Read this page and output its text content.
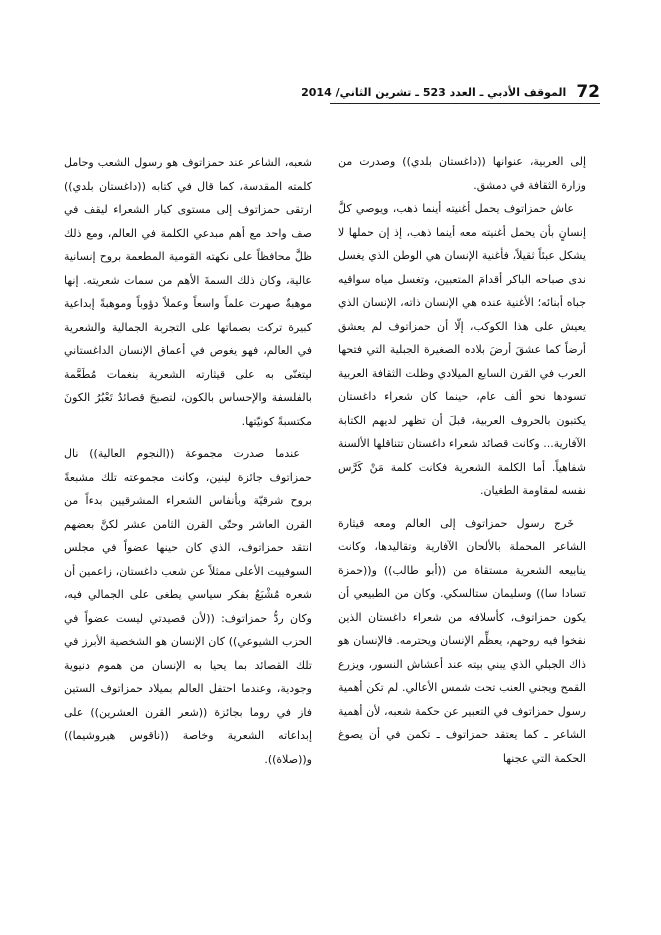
72
الموقف الأدبي ـ العدد 523 ـ تشرين الثاني/ 2014

إلى العربية، عنوانها ((داغستان بلدي)) وصدرت من وزارة الثقافة في دمشق.

عاش حمزاتوف يحمل أغنيته أينما ذهب، ويوصي كلَّ إنسانٍ بأن يحمل أغنيته معه أينما ذهب، إذ إن حملها لا يشكل عبئاً ثقيلاً، فأغنية الإنسان هي الوطن الذي يغسل ندى صباحه الباكر أقدامَ المتعبين، وتغسل مياه سواقيه جباه أبنائه؛ الأغنية عنده هي الإنسان ذاته، الإنسان الذي يعيش على هذا الكوكب، إلّا أن حمزاتوف لم يعشق أرضاً كما عشقَ أرضَ بلاده الصغيرة الجبلية التي فتحها العرب في القرن السابع الميلادي وظلت الثقافة العربية تسودها نحو ألف عام، حينما كان شعراء داغستان يكتبون بالحروف العربية، قبلَ أن تظهر لديهم الكتابة الآفارية... وكانت قصائد شعراء داغستان تتناقلها الألسنة شفاهياً. أما الكلمة الشعرية فكانت كلمة مَنْ كَرَّس نفسه لمقاومة الطغيان.

خَرج رسول حمزاتوف إلى العالم ومعه قيثارة الشاعر المحملة بالألحان الآفارية وتقاليدها، وكانت ينابيعه الشعرية مستقاة من ((أبو طالب)) و((حمزة تسادا سا)) وسليمان ستالسكي. وكان من الطبيعي أن يكون حمزاتوف، كأسلافه من شعراء داغستان الذين نفخوا فيه روحهم، يعظِّم الإنسان ويحترمه. فالإنسان هو ذاك الجبلي الذي يبني بيته عند أعشاش النسور، ويزرع القمح ويجني العنب تحت شمس الأعالي. لم تكن أهمية رسول حمزاتوف في التعبير عن حكمة شعبه، لأن أهمية الشاعر ـ كما يعتقد حمزاتوف ـ تكمن في أن يصوغ الحكمة التي عجنها

شعبه، الشاعر عند حمزاتوف هو رسول الشعب وحامل كلمته المقدسة، كما قال في كتابه ((داغستان بلدي)) ارتقى حمزاتوف إلى مستوى كبار الشعراء ليقف في صف واحد مع أهم مبدعي الكلمة في العالم، ومع ذلك ظلَّ محافظاً على نكهته القومية المطعمة بروح إنسانية عالية، وكان ذلك السمةَ الأهم من سمات شعريته. إنها موهبةٌ صهرت علماً واسعاً وعملاً دؤوباً وموهبةً إبداعية كبيرة تركت بصماتها على التجربة الجمالية والشعرية في العالم، فهو يغوص في أعماق الإنسان الداغستاني ليتغنّى به على قيثارته الشعرية بنغمات مُطَعَّمة بالفلسفة والإحساس بالكون، لتصبحَ قصائدُ تَعْبُرُ الكونَ مكتسبةً كونيّتها.

عندما صدرت مجموعة ((النجوم العالية)) نال حمزاتوف جائزة لينين، وكانت مجموعته تلك مشبعةً بروح شرقيّة وبأنفاس الشعراء المشرقيين بدءاً من القرن العاشر وحتّى القرن الثامن عشر لكنَّ بعضهم انتقد حمزاتوف، الذي كان حينها عضواً في مجلس السوفييت الأعلى ممثلاً عن شعب داغستان، زاعمين أن شعره مُشْبَعٌ بفكر سياسي يطغى على الجمالي فيه، وكان ردُّ حمزاتوف: ((لأن قصيدتي ليست عضواً في الحزب الشيوعي)) كان الإنسان هو الشخصية الأبرز في تلك القصائد بما يحيا به الإنسان من هموم دنيوية وجودية، وعندما احتفل العالم بميلاد حمزاتوف الستين فاز في روما بجائزة ((شعر القرن العشرين)) على إبداعاته الشعرية وخاصة ((ناقوس هيروشيما)) و((صلاة)).
